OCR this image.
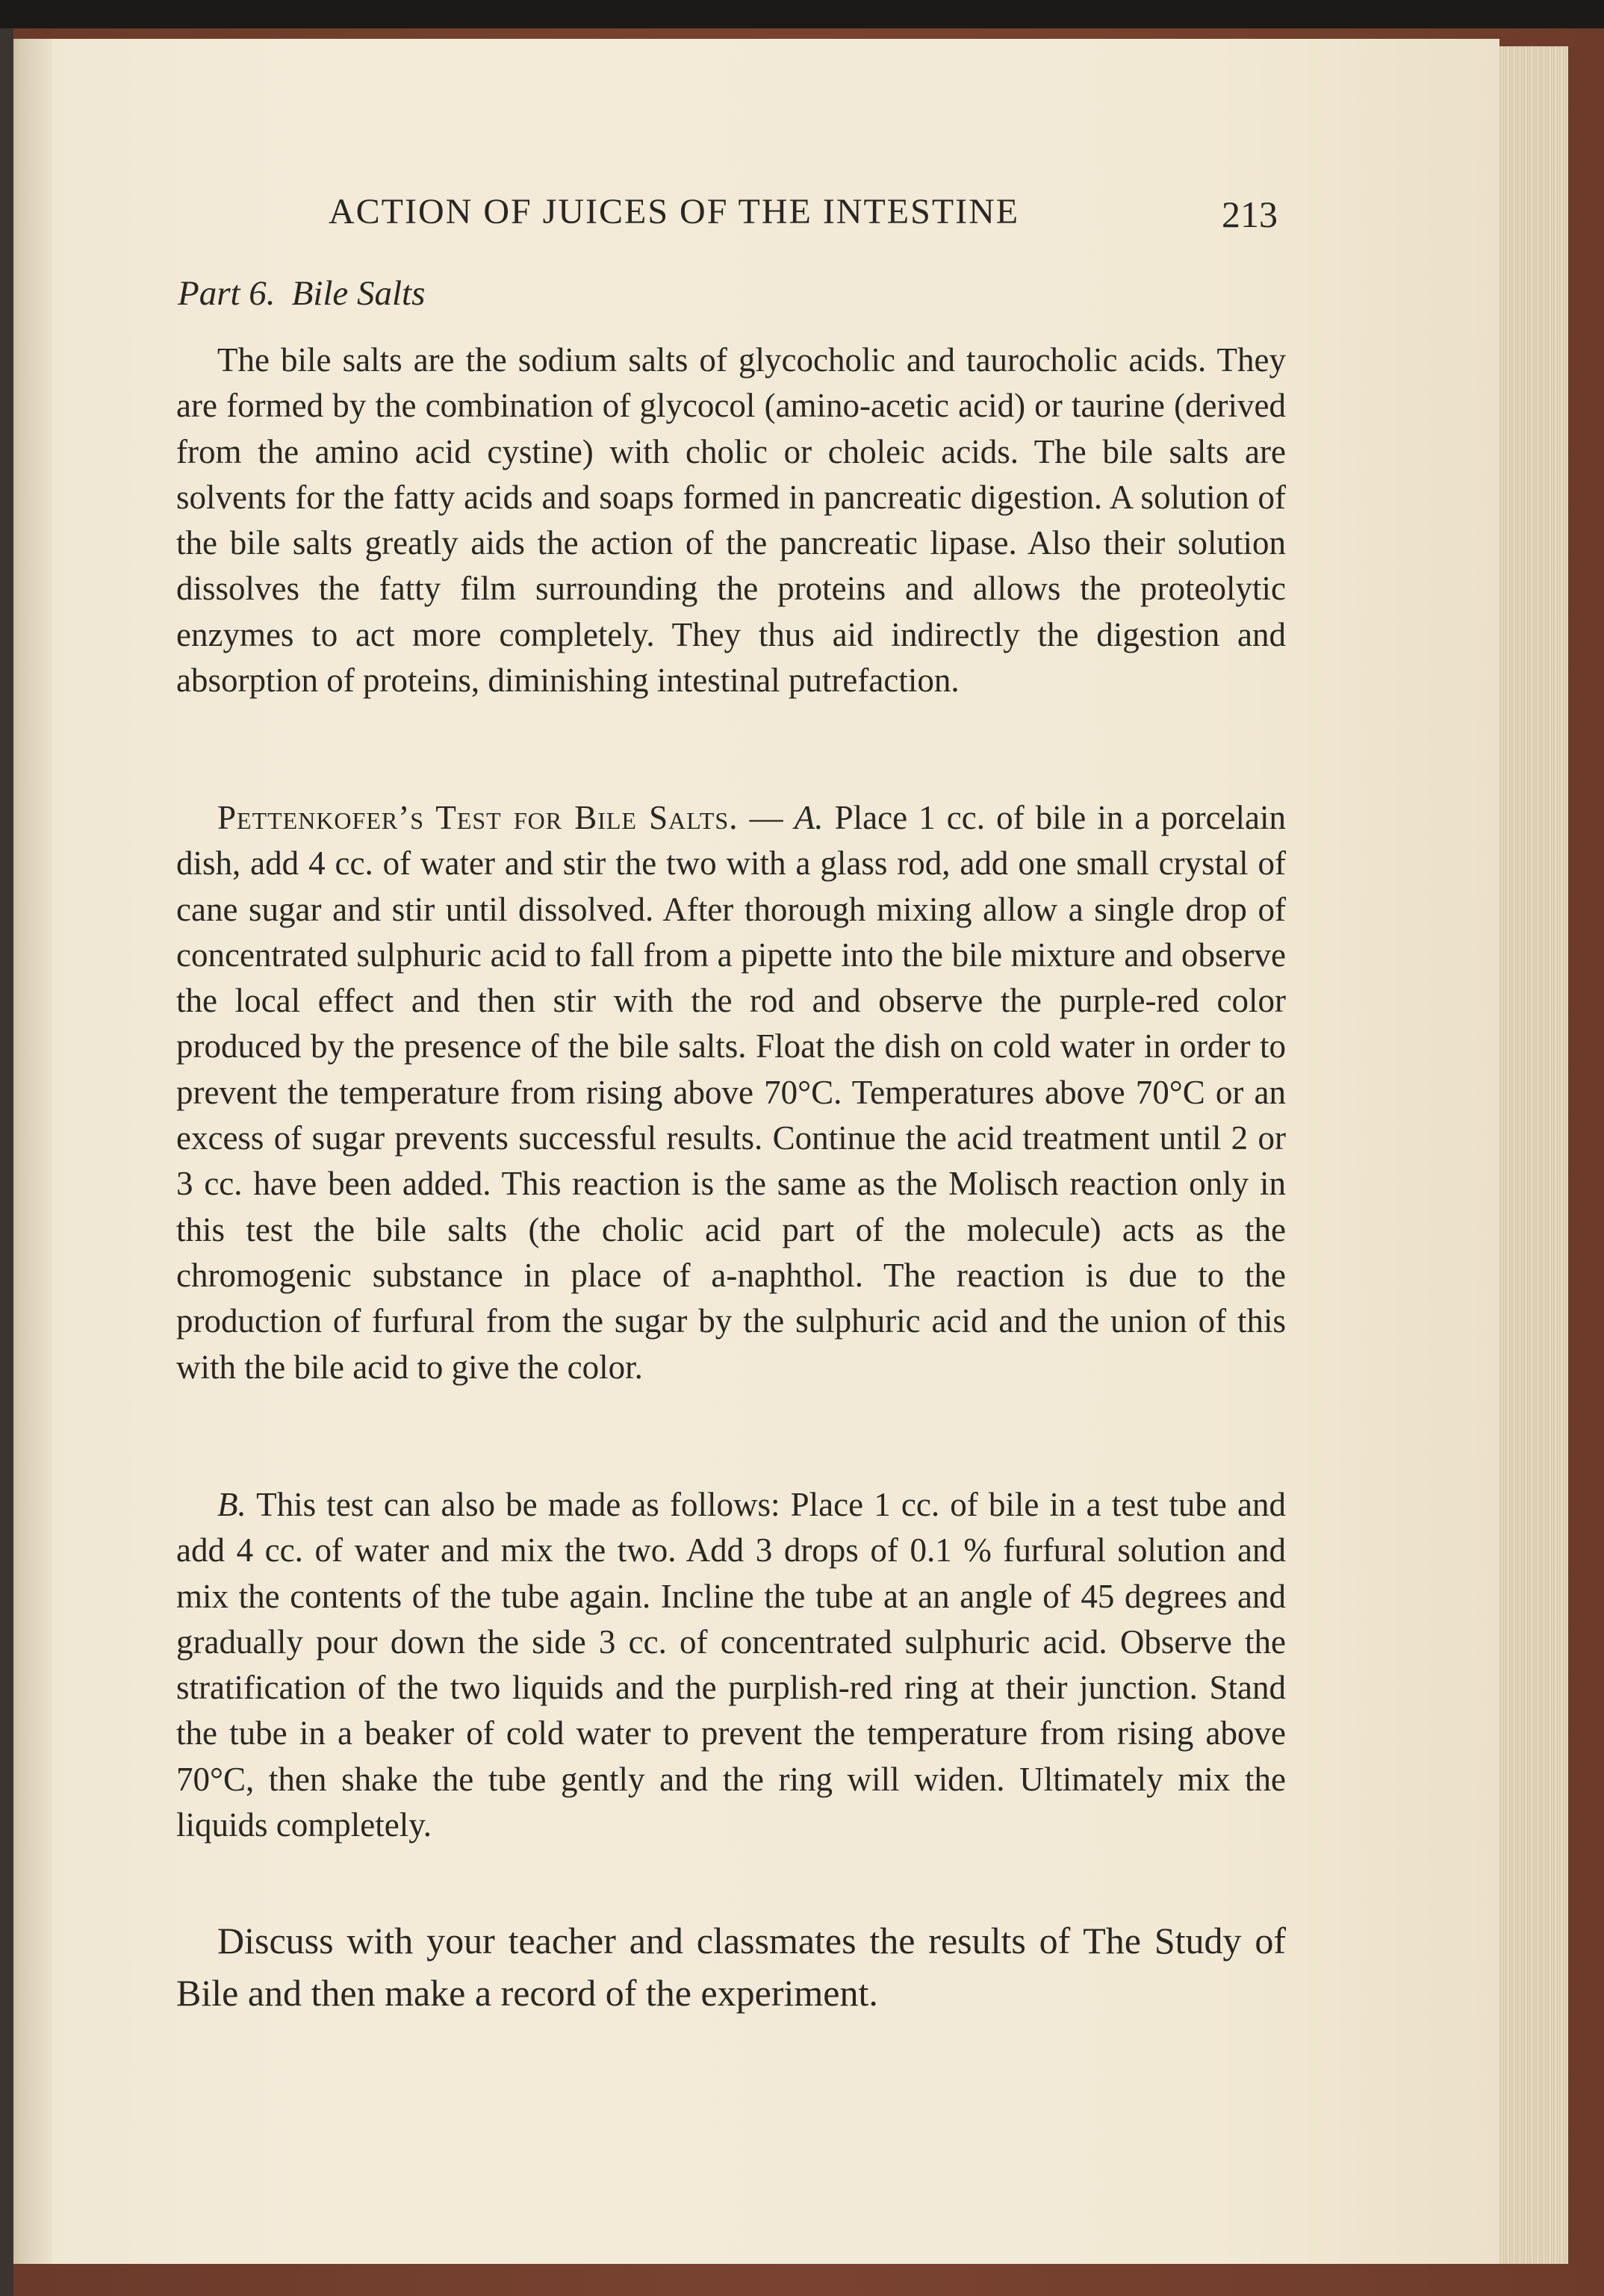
ACTION OF JUICES OF THE INTESTINE	213
Part 6. Bile Salts

The bile salts are the sodium salts of glycocholic and taurocholic acids. They are formed by the combination of glycocol (amino-acetic acid) or taurine (derived from the amino acid cystine) with cholic or choleic acids. The bile salts are solvents for the fatty acids and soaps formed in pancreatic digestion. A solution of the bile salts greatly aids the action of the pancreatic lipase. Also their solution dissolves the fatty film surrounding the proteins and allows the proteolytic enzymes to act more completely. They thus aid indirectly the digestion and absorption of proteins, diminishing intestinal putrefaction.

Pettenkofer’s Test for Bile Salts. — A. Place 1 cc. of bile in a porcelain dish, add 4 cc. of water and stir the two with a glass rod, add one small crystal of cane sugar and stir until dissolved. After thorough mixing allow a single drop of concentrated sulphuric acid to fall from a pipette into the bile mixture and observe the local effect and then stir with the rod and observe the purple-red color produced by the presence of the bile salts. Float the dish on cold water in order to prevent the temperature from rising above 70°C. Temperatures above 70°C or an excess of sugar prevents successful results. Continue the acid treatment until 2 or 3 cc. have been added. This reaction is the same as the Molisch reaction only in this test the bile salts (the cholic acid part of the molecule) acts as the chromogenic substance in place of a-naphthol. The reaction is due to the production of furfural from the sugar by the sulphuric acid and the union of this with the bile acid to give the color.

B. This test can also be made as follows: Place 1 cc. of bile in a test tube and add 4 cc. of water and mix the two. Add 3 drops of 0.1 % furfural solution and mix the contents of the tube again. Incline the tube at an angle of 45 degrees and gradually pour down the side 3 cc. of concentrated sulphuric acid. Observe the stratification of the two liquids and the purplish-red ring at their junction. Stand the tube in a beaker of cold water to prevent the temperature from rising above 70°C, then shake the tube gently and the ring will widen. Ultimately mix the liquids completely.

Discuss with your teacher and classmates the results of The Study of Bile and then make a record of the experiment.
